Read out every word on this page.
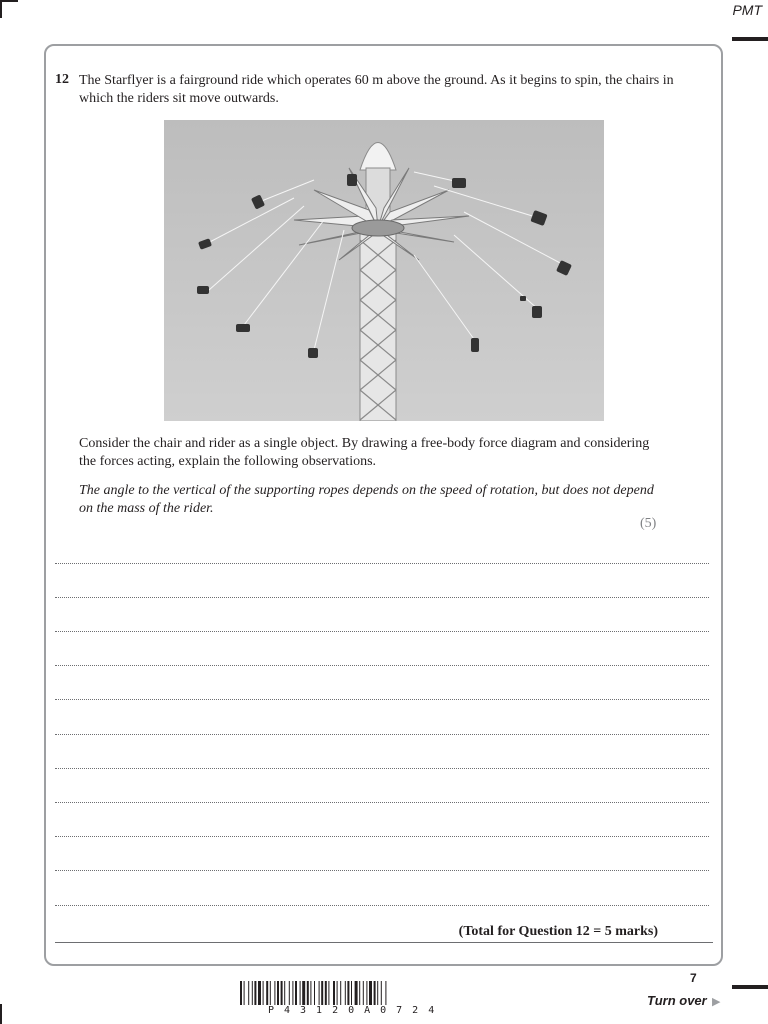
PMT
12 The Starflyer is a fairground ride which operates 60 m above the ground. As it begins to spin, the chairs in which the riders sit move outwards.
Consider the chair and rider as a single object. By drawing a free-body force diagram and considering the forces acting, explain the following observations.
The angle to the vertical of the supporting ropes depends on the speed of rotation, but does not depend on the mass of the rider.
(5)
(Total for Question 12 = 5 marks)
P43120A0724
7
Turn over ▶
